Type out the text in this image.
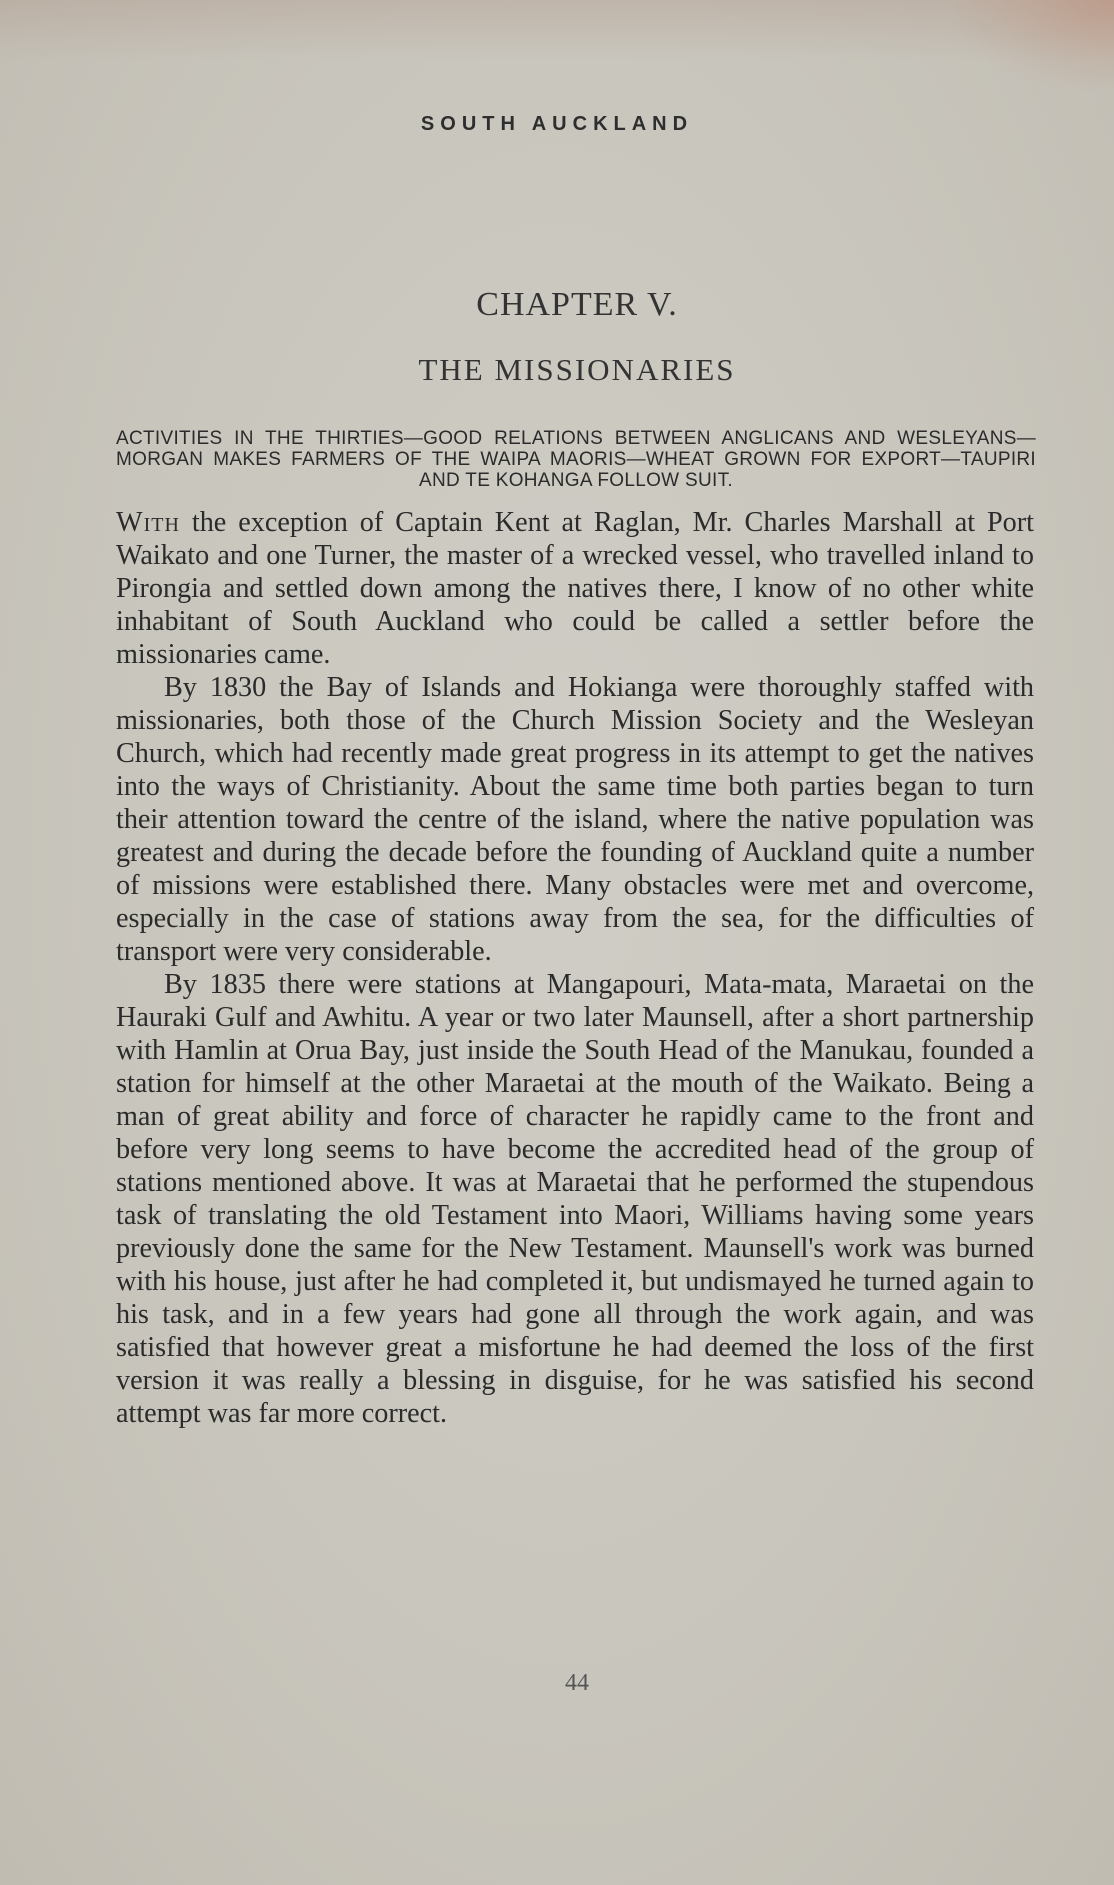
SOUTH AUCKLAND
CHAPTER V.
THE MISSIONARIES
ACTIVITIES IN THE THIRTIES—GOOD RELATIONS BETWEEN ANGLICANS AND WESLEYANS—MORGAN MAKES FARMERS OF THE WAIPA MAORIS—WHEAT GROWN FOR EXPORT—TAUPIRI AND TE KOHANGA FOLLOW SUIT.

With the exception of Captain Kent at Raglan, Mr. Charles Marshall at Port Waikato and one Turner, the master of a wrecked vessel, who travelled inland to Pirongia and settled down among the natives there, I know of no other white inhabitant of South Auckland who could be called a settler before the missionaries came.

By 1830 the Bay of Islands and Hokianga were thoroughly staffed with missionaries, both those of the Church Mission Society and the Wesleyan Church, which had recently made great progress in its attempt to get the natives into the ways of Christianity. About the same time both parties began to turn their attention toward the centre of the island, where the native population was greatest and during the decade before the founding of Auckland quite a number of missions were established there. Many obstacles were met and overcome, especially in the case of stations away from the sea, for the difficulties of transport were very considerable.

By 1835 there were stations at Mangapouri, Mata-mata, Maraetai on the Hauraki Gulf and Awhitu. A year or two later Maunsell, after a short partnership with Hamlin at Orua Bay, just inside the South Head of the Manukau, founded a station for himself at the other Maraetai at the mouth of the Waikato. Being a man of great ability and force of character he rapidly came to the front and before very long seems to have become the accredited head of the group of stations mentioned above. It was at Maraetai that he performed the stupendous task of translating the old Testament into Maori, Williams having some years previously done the same for the New Testament. Maunsell's work was burned with his house, just after he had completed it, but undismayed he turned again to his task, and in a few years had gone all through the work again, and was satisfied that however great a misfortune he had deemed the loss of the first version it was really a blessing in disguise, for he was satisfied his second attempt was far more correct.

44
